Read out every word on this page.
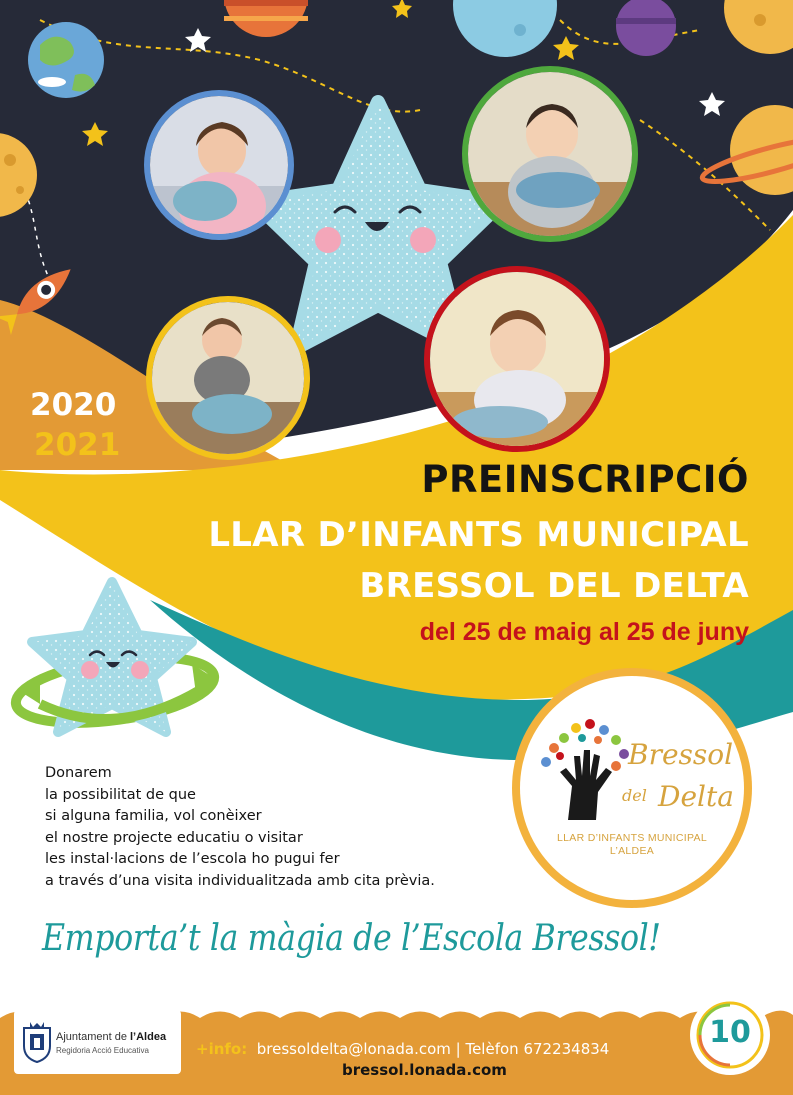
2020
2021
PREINSCRIPCIÓ
LLAR D’INFANTS MUNICIPAL
BRESSOL DEL DELTA
del 25 de maig al 25 de juny
Donarem
la possibilitat de que
si alguna familia, vol conèixer
el nostre projecte educatiu o visitar
les instal·lacions de l’escola ho pugui fer
a través d’una visita individualitzada amb cita prèvia.
Bressol
del Delta
LLAR D’INFANTS MUNICIPAL
L’ALDEA
Emporta’t la màgia de l’Escola Bressol!
Ajuntament de l’Aldea
Regidoria Acció Educativa	+info: bressoldelta@lonada.com | Telèfon 672234834
bressol.lonada.com
10
